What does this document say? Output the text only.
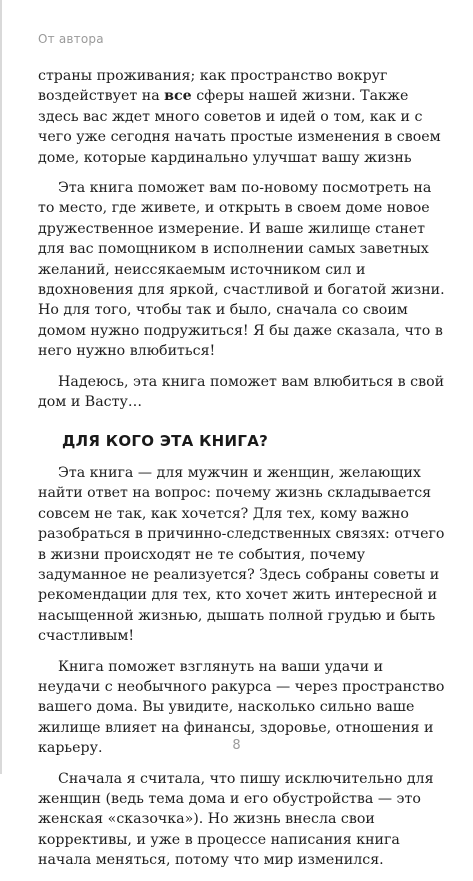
От автора

страны проживания; как пространство вокруг воздействует на все сферы нашей жизни. Также здесь вас ждет много советов и идей о том, как и с чего уже сегодня начать простые изменения в своем доме, которые кардинально улучшат вашу жизнь

Эта книга поможет вам по-новому посмотреть на то место, где живете, и открыть в своем доме новое дружественное измерение. И ваше жилище станет для вас помощником в исполнении самых заветных желаний, неиссякаемым источником сил и вдохновения для яркой, счастливой и богатой жизни. Но для того, чтобы так и было, сначала со своим домом нужно подружиться! Я бы даже сказала, что в него нужно влюбиться!

Надеюсь, эта книга поможет вам влюбиться в свой дом и Васту…

ДЛЯ КОГО ЭТА КНИГА?

Эта книга — для мужчин и женщин, желающих найти ответ на вопрос: почему жизнь складывается совсем не так, как хочется? Для тех, кому важно разобраться в причинно-следственных связях: отчего в жизни происходят не те события, почему задуманное не реализуется? Здесь собраны советы и рекомендации для тех, кто хочет жить интересной и насыщенной жизнью, дышать полной грудью и быть счастливым!

Книга поможет взглянуть на ваши удачи и неудачи с необычного ракурса — через пространство вашего дома. Вы увидите, насколько сильно ваше жилище влияет на финансы, здоровье, отношения и карьеру.

Сначала я считала, что пишу исключительно для женщин (ведь тема дома и его обустройства — это женская «сказочка»). Но жизнь внесла свои коррективы, и уже в процессе написания книга начала меняться, потому что мир изменился.

8
